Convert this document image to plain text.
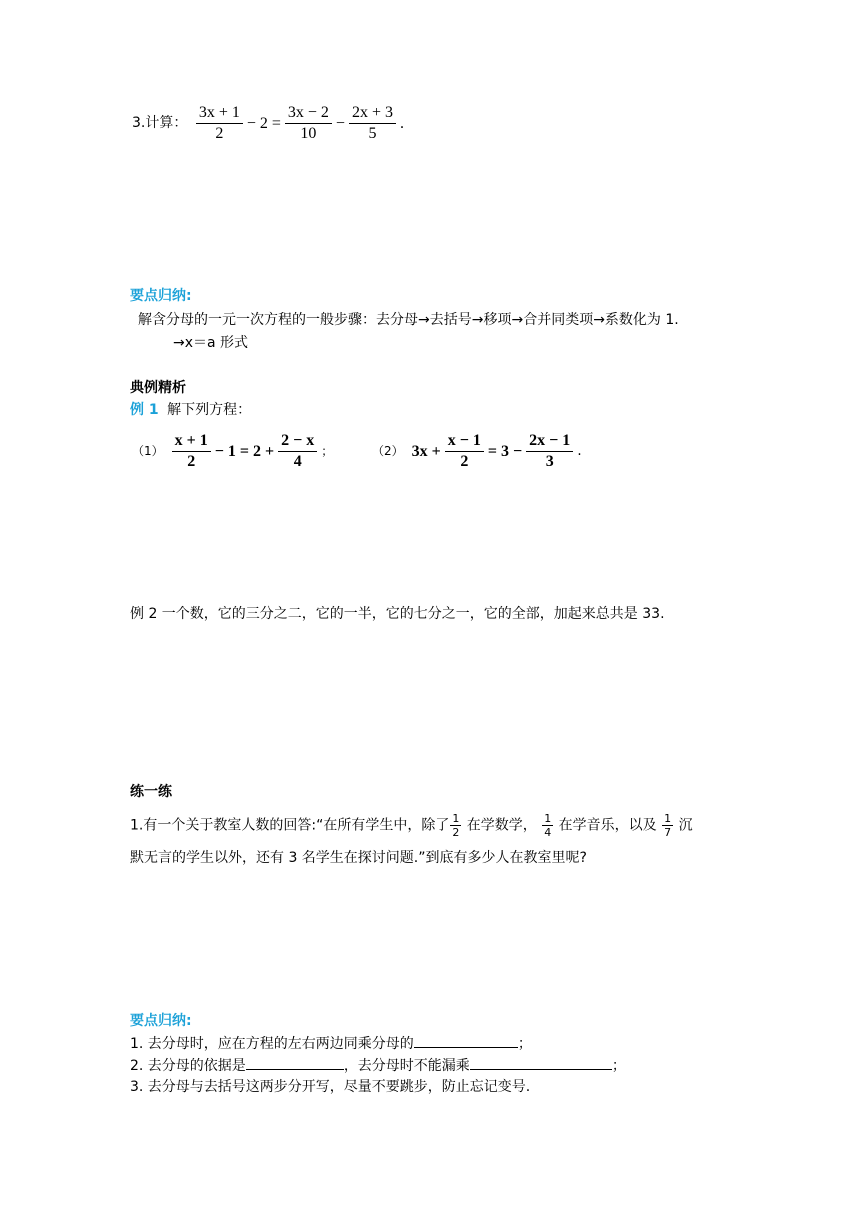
3.计算： $\frac{3x + 1}{2} - 2 = \frac{3x - 2}{10} - \frac{2x + 3}{5}$ .
要点归纳:
解含分母的一元一次方程的一般步骤：去分母→去括号→移项→合并同类项→系数化为 1.
→x＝a 形式
典例精析
例 1 解下列方程：
$(1) \frac{x + 1}{2} - 1 = 2 + \frac{2 - x}{4}$ ；	（2） $3x + \frac{x - 1}{2} = 3 - \frac{2x - 1}{3}$ .
例 2 一个数，它的三分之二，它的一半，它的七分之一，它的全部，加起来总共是 33.
练一练
1.有一个关于教室人数的回答:“在所有学生中，除了 $\frac{1}{2}$ 在学数学， $\frac{1}{4}$ 在学音乐，以及 $\frac{1}{7}$ 沉
默无言的学生以外，还有 3 名学生在探讨问题.”到底有多少人在教室里呢?
要点归纳:
1. 去分母时，应在方程的左右两边同乘分母的	；
2. 去分母的依据是	，去分母时不能漏乘	；
3. 去分母与去括号这两步分开写，尽量不要跳步，防止忘记变号.
